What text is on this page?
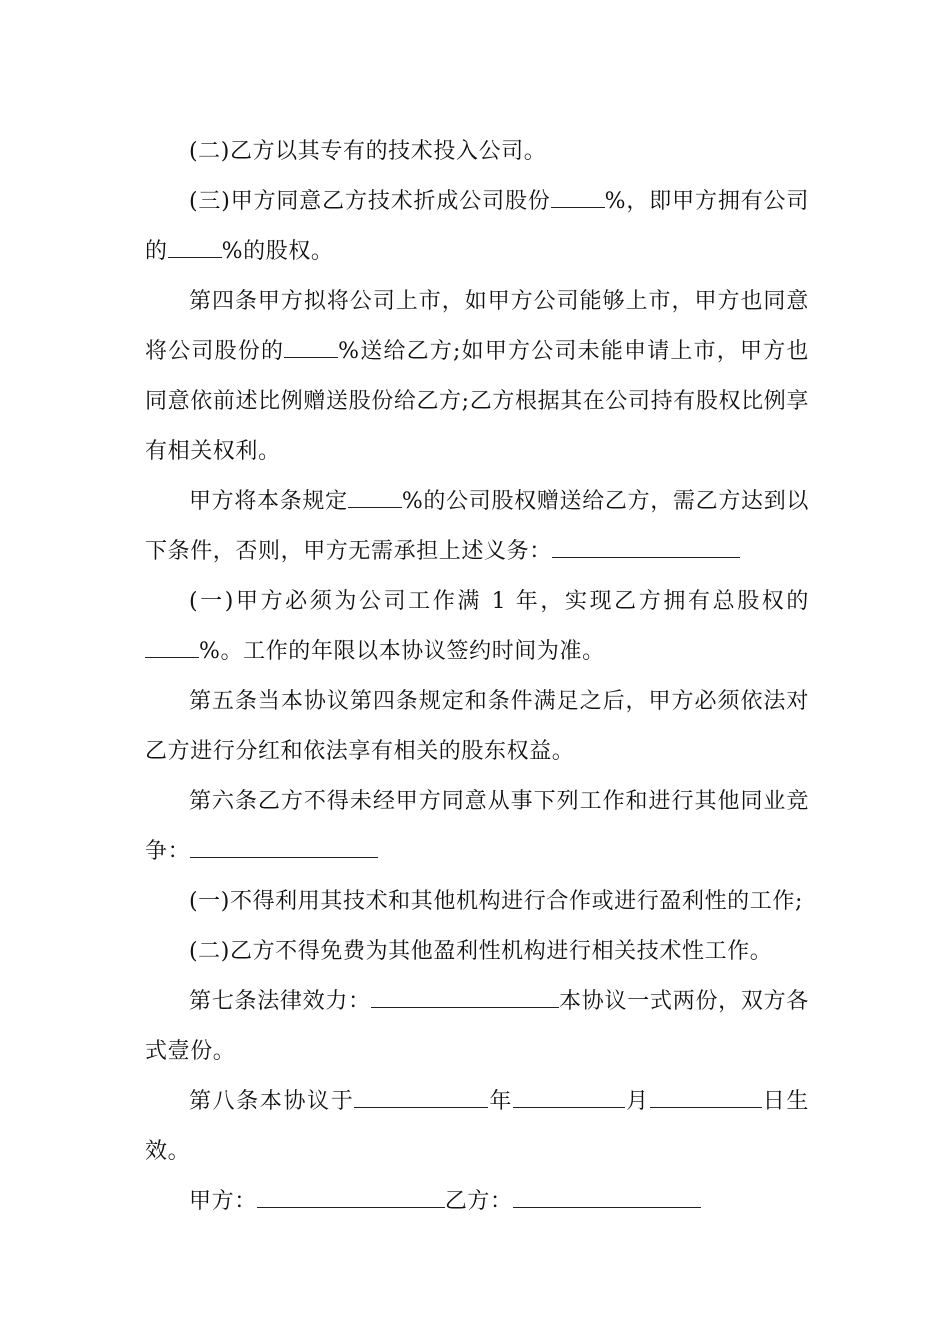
(二)乙方以其专有的技术投入公司。

(三)甲方同意乙方技术折成公司股份 %，即甲方拥有公司的 %的股权。

第四条甲方拟将公司上市，如甲方公司能够上市，甲方也同意将公司股份的 %送给乙方;如甲方公司未能申请上市，甲方也同意依前述比例赠送股份给乙方;乙方根据其在公司持有股权比例享有相关权利。

甲方将本条规定 %的公司股权赠送给乙方，需乙方达到以下条件，否则，甲方无需承担上述义务：

(一)甲方必须为公司工作满 1 年，实现乙方拥有总股权的%。工作的年限以本协议签约时间为准。

第五条当本协议第四条规定和条件满足之后，甲方必须依法对乙方进行分红和依法享有相关的股东权益。

第六条乙方不得未经甲方同意从事下列工作和进行其他同业竞争：

(一)不得利用其技术和其他机构进行合作或进行盈利性的工作;

(二)乙方不得免费为其他盈利性机构进行相关技术性工作。

第七条法律效力：	本协议一式两份，双方各式壹份。

第八条本协议于	年	月	日生效。

甲方：	乙方：
